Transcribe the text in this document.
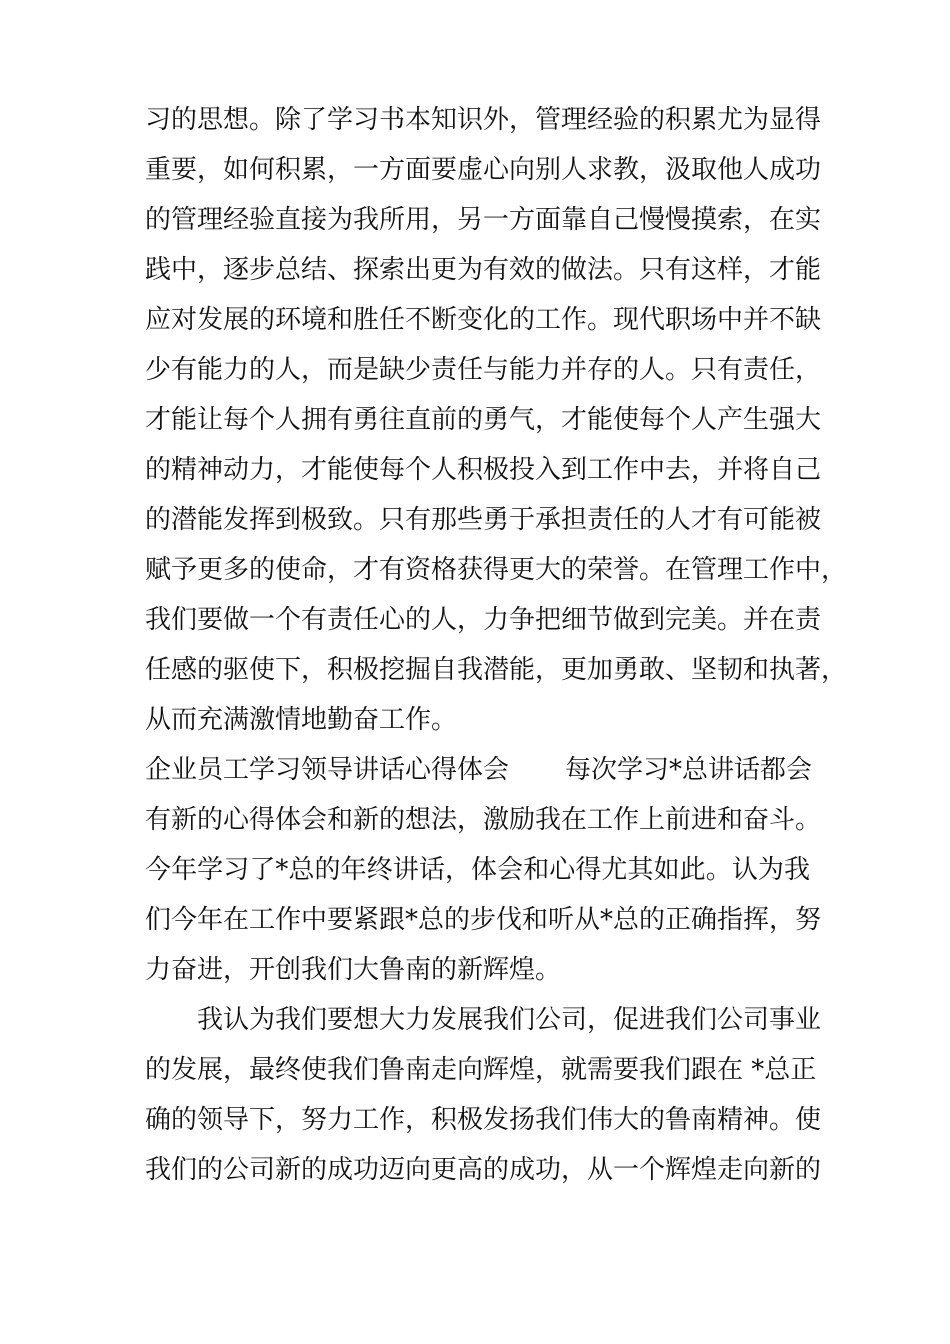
习的思想。除了学习书本知识外，管理经验的积累尤为显得
重要，如何积累，一方面要虚心向别人求教，汲取他人成功
的管理经验直接为我所用，另一方面靠自己慢慢摸索，在实
践中，逐步总结、探索出更为有效的做法。只有这样，才能
应对发展的环境和胜任不断变化的工作。现代职场中并不缺
少有能力的人，而是缺少责任与能力并存的人。只有责任，
才能让每个人拥有勇往直前的勇气，才能使每个人产生强大
的精神动力，才能使每个人积极投入到工作中去，并将自己
的潜能发挥到极致。只有那些勇于承担责任的人才有可能被
赋予更多的使命，才有资格获得更大的荣誉。在管理工作中，
我们要做一个有责任心的人，力争把细节做到完美。并在责
任感的驱使下，积极挖掘自我潜能，更加勇敢、坚韧和执著，
从而充满激情地勤奋工作。
企业员工学习领导讲话心得体会 每次学习*总讲话都会
有新的心得体会和新的想法，激励我在工作上前进和奋斗。
今年学习了*总的年终讲话，体会和心得尤其如此。认为我
们今年在工作中要紧跟*总的步伐和听从*总的正确指挥，努
力奋进，开创我们大鲁南的新辉煌。
我认为我们要想大力发展我们公司，促进我们公司事业
的发展，最终使我们鲁南走向辉煌，就需要我们跟在 *总正
确的领导下，努力工作，积极发扬我们伟大的鲁南精神。使
我们的公司新的成功迈向更高的成功，从一个辉煌走向新的
